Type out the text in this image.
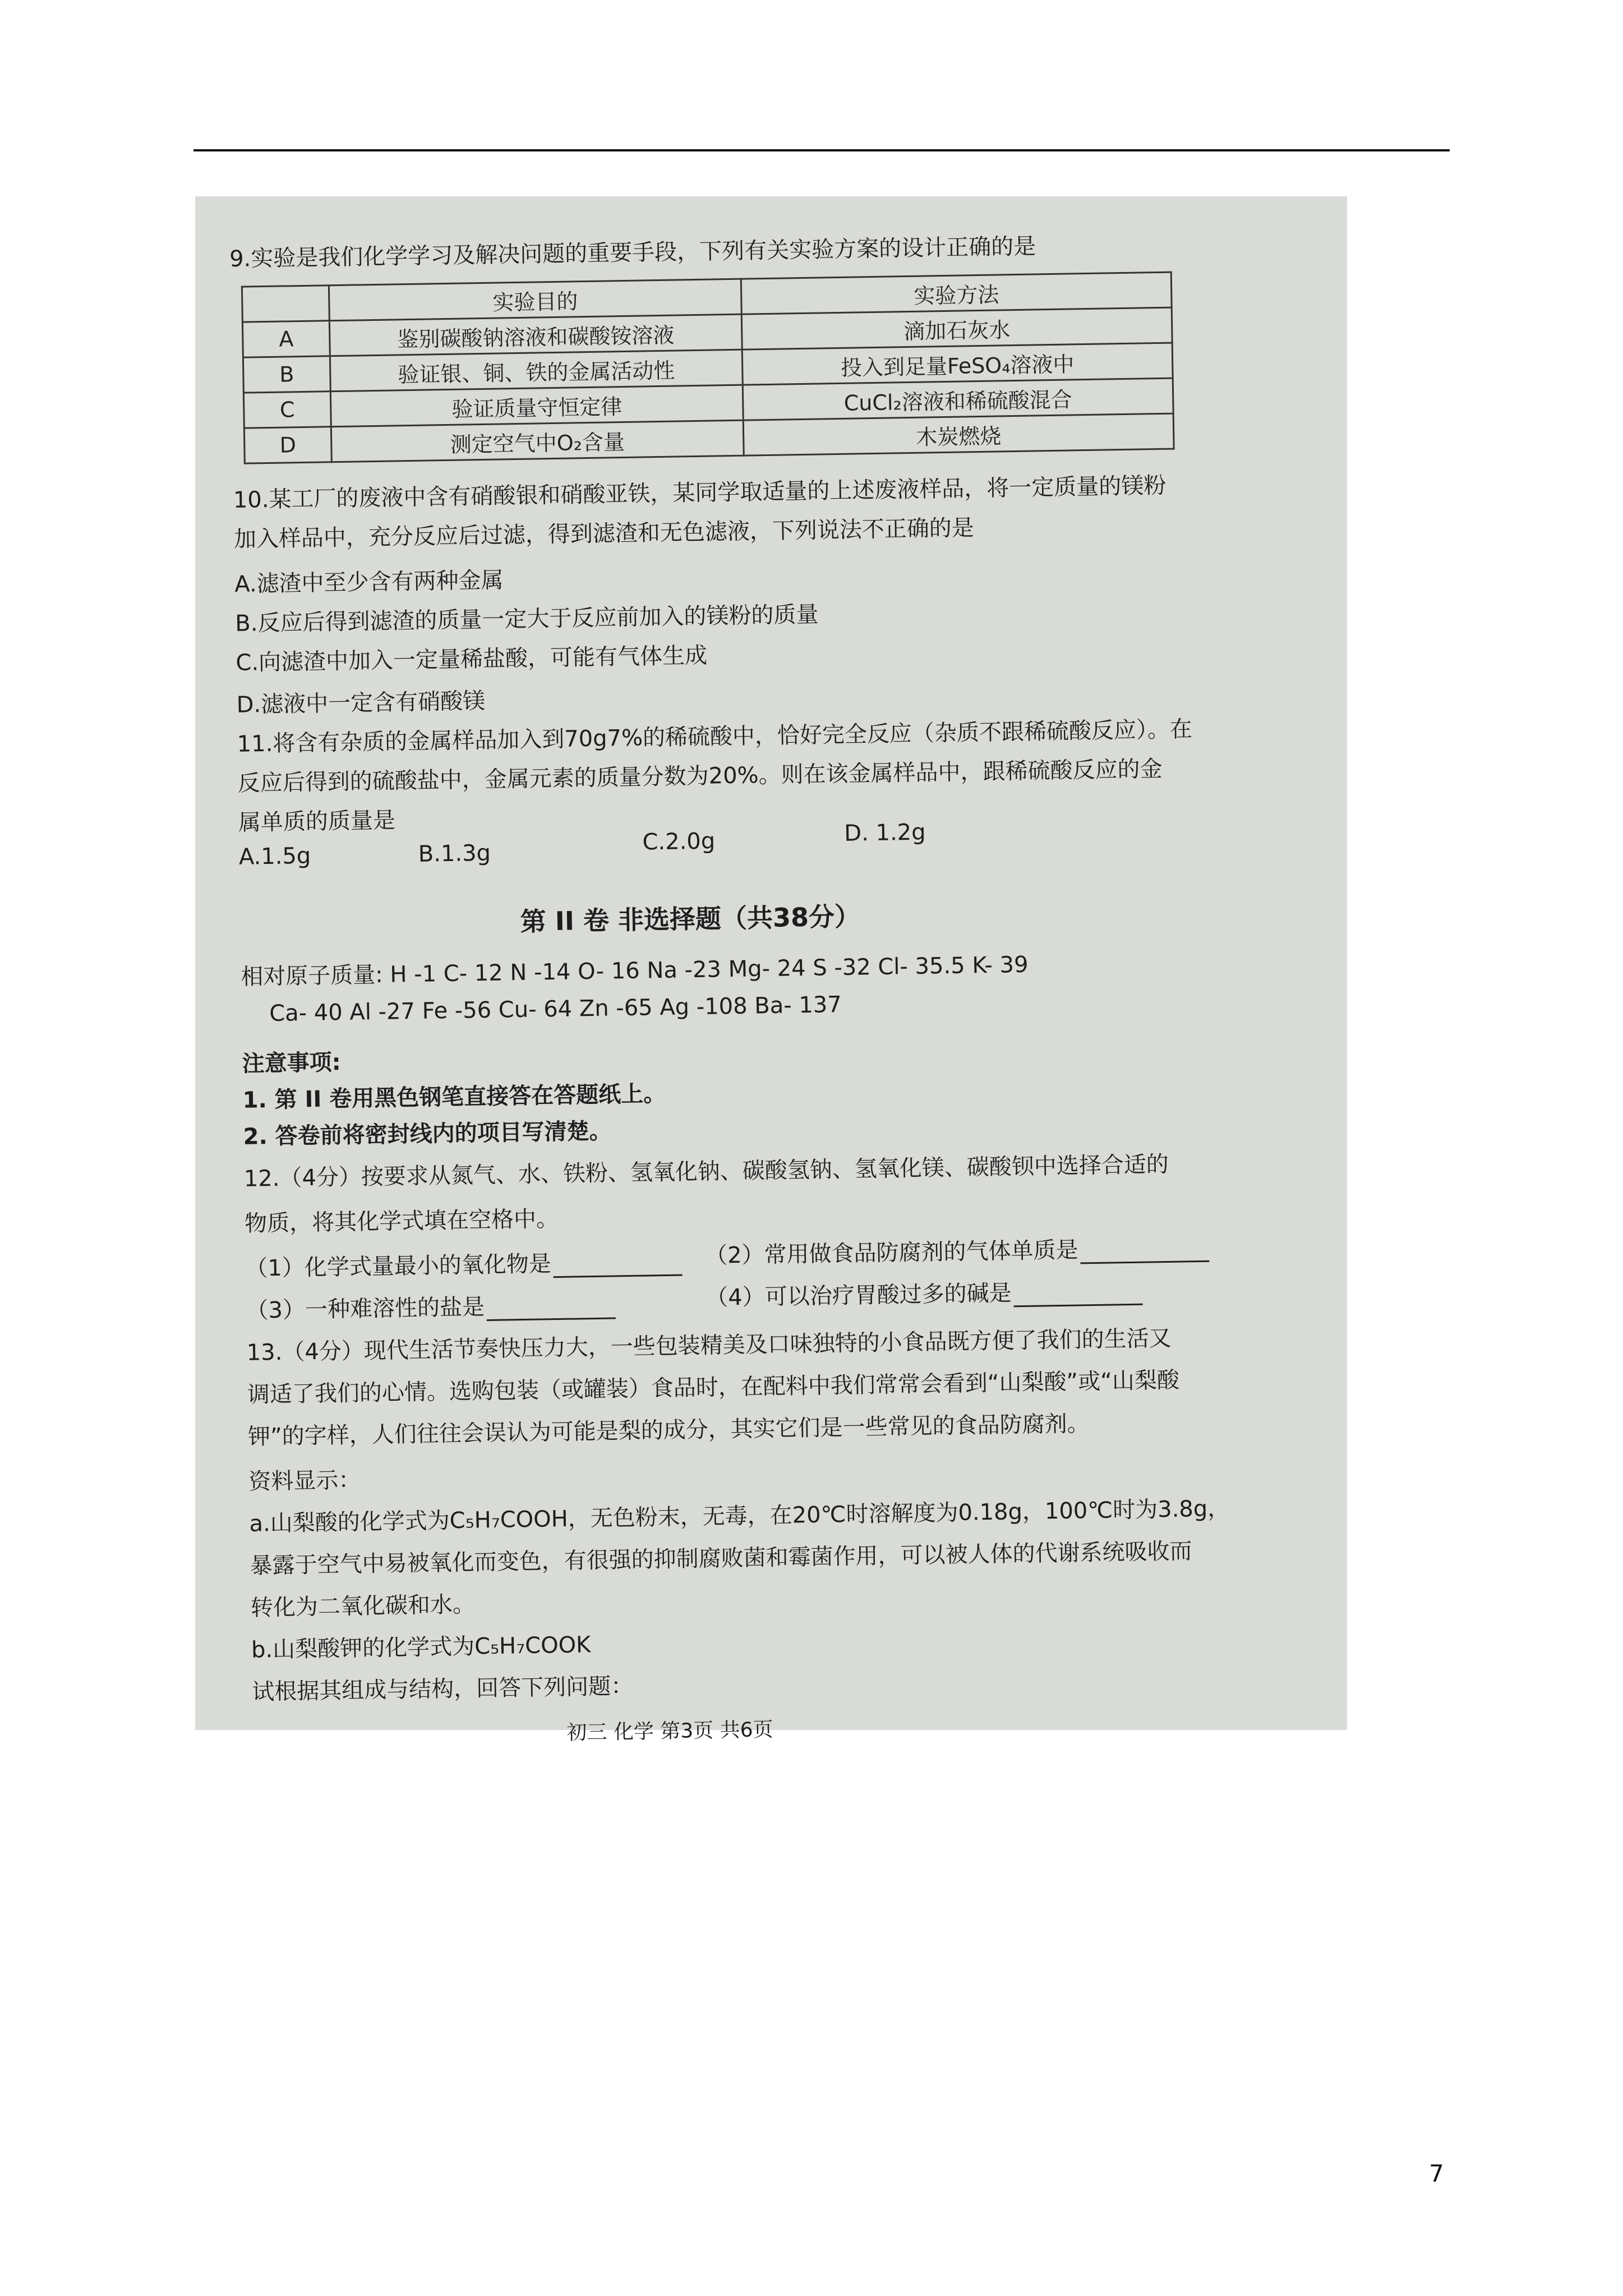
9.实验是我们化学学习及解决问题的重要手段，下列有关实验方案的设计正确的是
	实验目的	实验方法
A	鉴别碳酸钠溶液和碳酸铵溶液	滴加石灰水
B	验证银、铜、铁的金属活动性	投入到足量FeSO₄溶液中
C	验证质量守恒定律	CuCl₂溶液和稀硫酸混合
D	测定空气中O₂含量	木炭燃烧
10.某工厂的废液中含有硝酸银和硝酸亚铁，某同学取适量的上述废液样品，将一定质量的镁粉
加入样品中，充分反应后过滤，得到滤渣和无色滤液，下列说法不正确的是
A.滤渣中至少含有两种金属
B.反应后得到滤渣的质量一定大于反应前加入的镁粉的质量
C.向滤渣中加入一定量稀盐酸，可能有气体生成
D.滤液中一定含有硝酸镁
11.将含有杂质的金属样品加入到70g7%的稀硫酸中，恰好完全反应（杂质不跟稀硫酸反应）。在
反应后得到的硫酸盐中，金属元素的质量分数为20%。则在该金属样品中，跟稀硫酸反应的金
属单质的质量是
A.1.5g	B.1.3g	C.2.0g	D. 1.2g
第 II 卷 非选择题（共38分）
相对原子质量: H -1 C- 12 N -14 O- 16 Na -23 Mg- 24 S -32 Cl- 35.5 K- 39
Ca- 40 Al -27 Fe -56 Cu- 64 Zn -65 Ag -108 Ba- 137
注意事项:
1. 第 II 卷用黑色钢笔直接答在答题纸上。
2. 答卷前将密封线内的项目写清楚。
12.（4分）按要求从氮气、水、铁粉、氢氧化钠、碳酸氢钠、氢氧化镁、碳酸钡中选择合适的
物质，将其化学式填在空格中。
（1）化学式量最小的氧化物是	（2）常用做食品防腐剂的气体单质是
（3）一种难溶性的盐是	（4）可以治疗胃酸过多的碱是
13.（4分）现代生活节奏快压力大，一些包装精美及口味独特的小食品既方便了我们的生活又
调适了我们的心情。选购包装（或罐装）食品时，在配料中我们常常会看到“山梨酸”或“山梨酸
钾”的字样，人们往往会误认为可能是梨的成分，其实它们是一些常见的食品防腐剂。
资料显示：
a.山梨酸的化学式为C₅H₇COOH，无色粉末，无毒，在20℃时溶解度为0.18g，100℃时为3.8g，
暴露于空气中易被氧化而变色，有很强的抑制腐败菌和霉菌作用，可以被人体的代谢系统吸收而
转化为二氧化碳和水。
b.山梨酸钾的化学式为C₅H₇COOK
试根据其组成与结构，回答下列问题：
初三 化学 第3页 共6页
7
